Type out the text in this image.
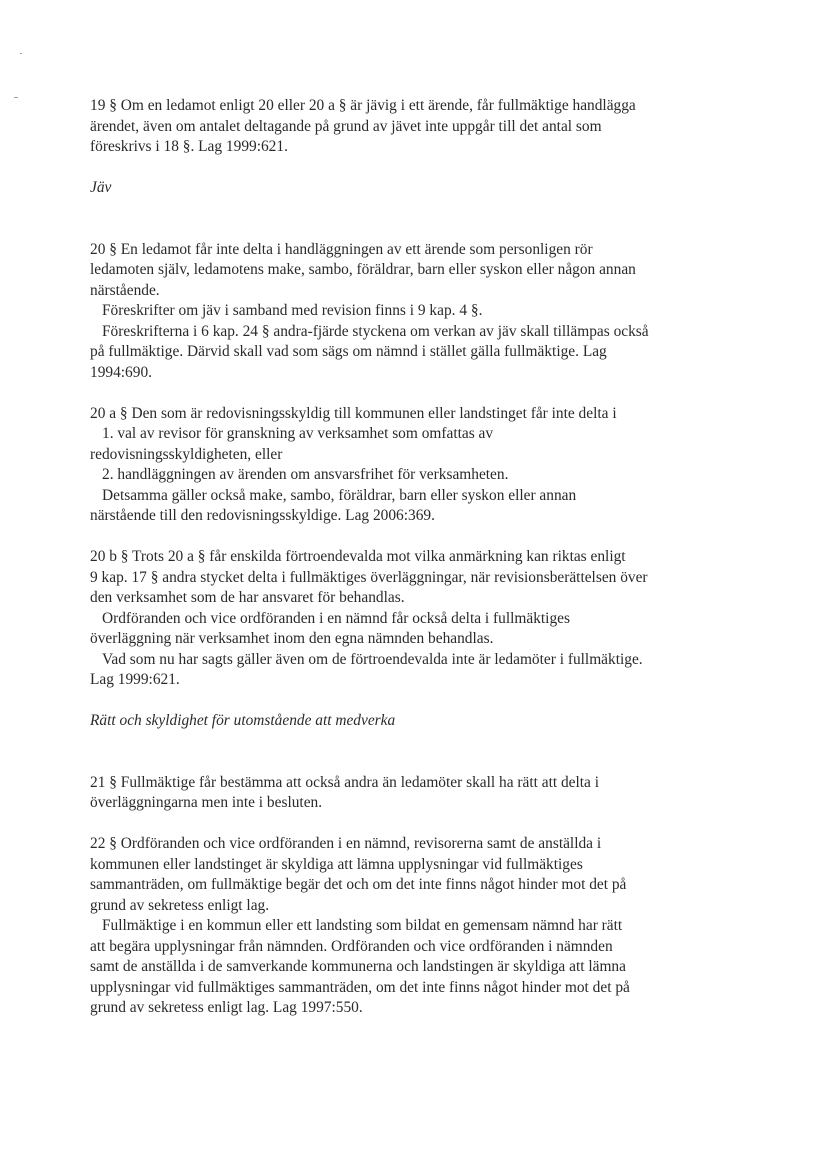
19 § Om en ledamot enligt 20 eller 20 a § är jävig i ett ärende, får fullmäktige handlägga
ärendet, även om antalet deltagande på grund av jävet inte uppgår till det antal som
föreskrivs i 18 §. Lag 1999:621.
Jäv
20 § En ledamot får inte delta i handläggningen av ett ärende som personligen rör
ledamoten själv, ledamotens make, sambo, föräldrar, barn eller syskon eller någon annan
närstående.
Föreskrifter om jäv i samband med revision finns i 9 kap. 4 §.
Föreskrifterna i 6 kap. 24 § andra-fjärde styckena om verkan av jäv skall tillämpas också
på fullmäktige. Därvid skall vad som sägs om nämnd i stället gälla fullmäktige. Lag
1994:690.
20 a § Den som är redovisningsskyldig till kommunen eller landstinget får inte delta i
1. val av revisor för granskning av verksamhet som omfattas av
redovisningsskyldigheten, eller
2. handläggningen av ärenden om ansvarsfrihet för verksamheten.
Detsamma gäller också make, sambo, föräldrar, barn eller syskon eller annan
närstående till den redovisningsskyldige. Lag 2006:369.
20 b § Trots 20 a § får enskilda förtroendevalda mot vilka anmärkning kan riktas enligt
9 kap. 17 § andra stycket delta i fullmäktiges överläggningar, när revisionsberättelsen över
den verksamhet som de har ansvaret för behandlas.
Ordföranden och vice ordföranden i en nämnd får också delta i fullmäktiges
överläggning när verksamhet inom den egna nämnden behandlas.
Vad som nu har sagts gäller även om de förtroendevalda inte är ledamöter i fullmäktige.
Lag 1999:621.
Rätt och skyldighet för utomstående att medverka
21 § Fullmäktige får bestämma att också andra än ledamöter skall ha rätt att delta i
överläggningarna men inte i besluten.
22 § Ordföranden och vice ordföranden i en nämnd, revisorerna samt de anställda i
kommunen eller landstinget är skyldiga att lämna upplysningar vid fullmäktiges
sammanträden, om fullmäktige begär det och om det inte finns något hinder mot det på
grund av sekretess enligt lag.
Fullmäktige i en kommun eller ett landsting som bildat en gemensam nämnd har rätt
att begära upplysningar från nämnden. Ordföranden och vice ordföranden i nämnden
samt de anställda i de samverkande kommunerna och landstingen är skyldiga att lämna
upplysningar vid fullmäktiges sammanträden, om det inte finns något hinder mot det på
grund av sekretess enligt lag. Lag 1997:550.
